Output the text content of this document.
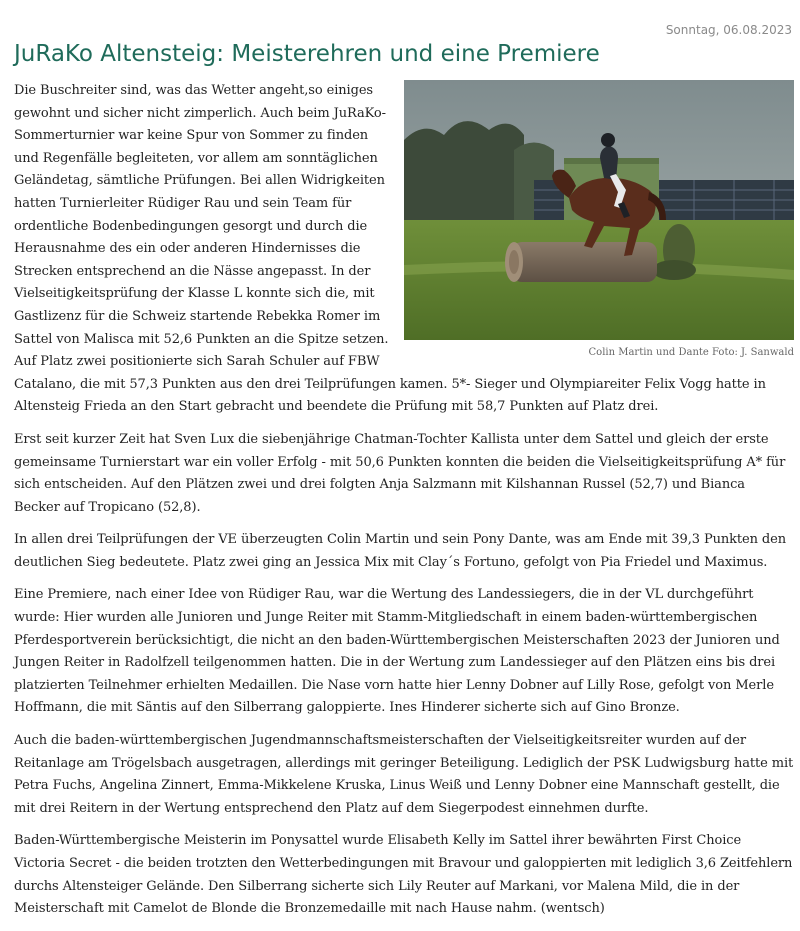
Sonntag, 06.08.2023
JuRaKo Altensteig: Meisterehren und eine Premiere
Colin Martin und Dante Foto: J. Sanwald

Die Buschreiter sind, was das Wetter angeht,so einiges gewohnt und sicher nicht zimperlich. Auch beim JuRaKo-Sommerturnier war keine Spur von Sommer zu finden und Regenfälle begleiteten, vor allem am sonntäglichen Geländetag, sämtliche Prüfungen. Bei allen Widrigkeiten hatten Turnierleiter Rüdiger Rau und sein Team für ordentliche Bodenbedingungen gesorgt und durch die Herausnahme des ein oder anderen Hindernisses die Strecken entsprechend an die Nässe angepasst. In der Vielseitigkeitsprüfung der Klasse L konnte sich die, mit Gastlizenz für die Schweiz startende Rebekka Romer im Sattel von Malisca mit 52,6 Punkten an die Spitze setzen. Auf Platz zwei positionierte sich Sarah Schuler auf FBW Catalano, die mit 57,3 Punkten aus den drei Teilprüfungen kamen. 5*- Sieger und Olympiareiter Felix Vogg hatte in Altensteig Frieda an den Start gebracht und beendete die Prüfung mit 58,7 Punkten auf Platz drei.

Erst seit kurzer Zeit hat Sven Lux die siebenjährige Chatman-Tochter Kallista unter dem Sattel und gleich der erste gemeinsame Turnierstart war ein voller Erfolg - mit 50,6 Punkten konnten die beiden die Vielseitigkeitsprüfung A* für sich entscheiden. Auf den Plätzen zwei und drei folgten Anja Salzmann mit Kilshannan Russel (52,7) und Bianca Becker auf Tropicano (52,8).

In allen drei Teilprüfungen der VE überzeugten Colin Martin und sein Pony Dante, was am Ende mit 39,3 Punkten den deutlichen Sieg bedeutete. Platz zwei ging an Jessica Mix mit Clay´s Fortuno, gefolgt von Pia Friedel und Maximus.

Eine Premiere, nach einer Idee von Rüdiger Rau, war die Wertung des Landessiegers, die in der VL durchgeführt wurde: Hier wurden alle Junioren und Junge Reiter mit Stamm-Mitgliedschaft in einem baden-württembergischen Pferdesportverein berücksichtigt, die nicht an den baden-Württembergischen Meisterschaften 2023 der Junioren und Jungen Reiter in Radolfzell teilgenommen hatten. Die in der Wertung zum Landessieger auf den Plätzen eins bis drei platzierten Teilnehmer erhielten Medaillen. Die Nase vorn hatte hier Lenny Dobner auf Lilly Rose, gefolgt von Merle Hoffmann, die mit Säntis auf den Silberrang galoppierte. Ines Hinderer sicherte sich auf Gino Bronze.

Auch die baden-württembergischen Jugendmannschaftsmeisterschaften der Vielseitigkeitsreiter wurden auf der Reitanlage am Trögelsbach ausgetragen, allerdings mit geringer Beteiligung. Lediglich der PSK Ludwigsburg hatte mit Petra Fuchs, Angelina Zinnert, Emma-Mikkelene Kruska, Linus Weiß und Lenny Dobner eine Mannschaft gestellt, die mit drei Reitern in der Wertung entsprechend den Platz auf dem Siegerpodest einnehmen durfte.

Baden-Württembergische Meisterin im Ponysattel wurde Elisabeth Kelly im Sattel ihrer bewährten First Choice Victoria Secret - die beiden trotzten den Wetterbedingungen mit Bravour und galoppierten mit lediglich 3,6 Zeitfehlern durchs Altensteiger Gelände. Den Silberrang sicherte sich Lily Reuter auf Markani, vor Malena Mild, die in der Meisterschaft mit Camelot de Blonde die Bronzemedaille mit nach Hause nahm. (wentsch)
